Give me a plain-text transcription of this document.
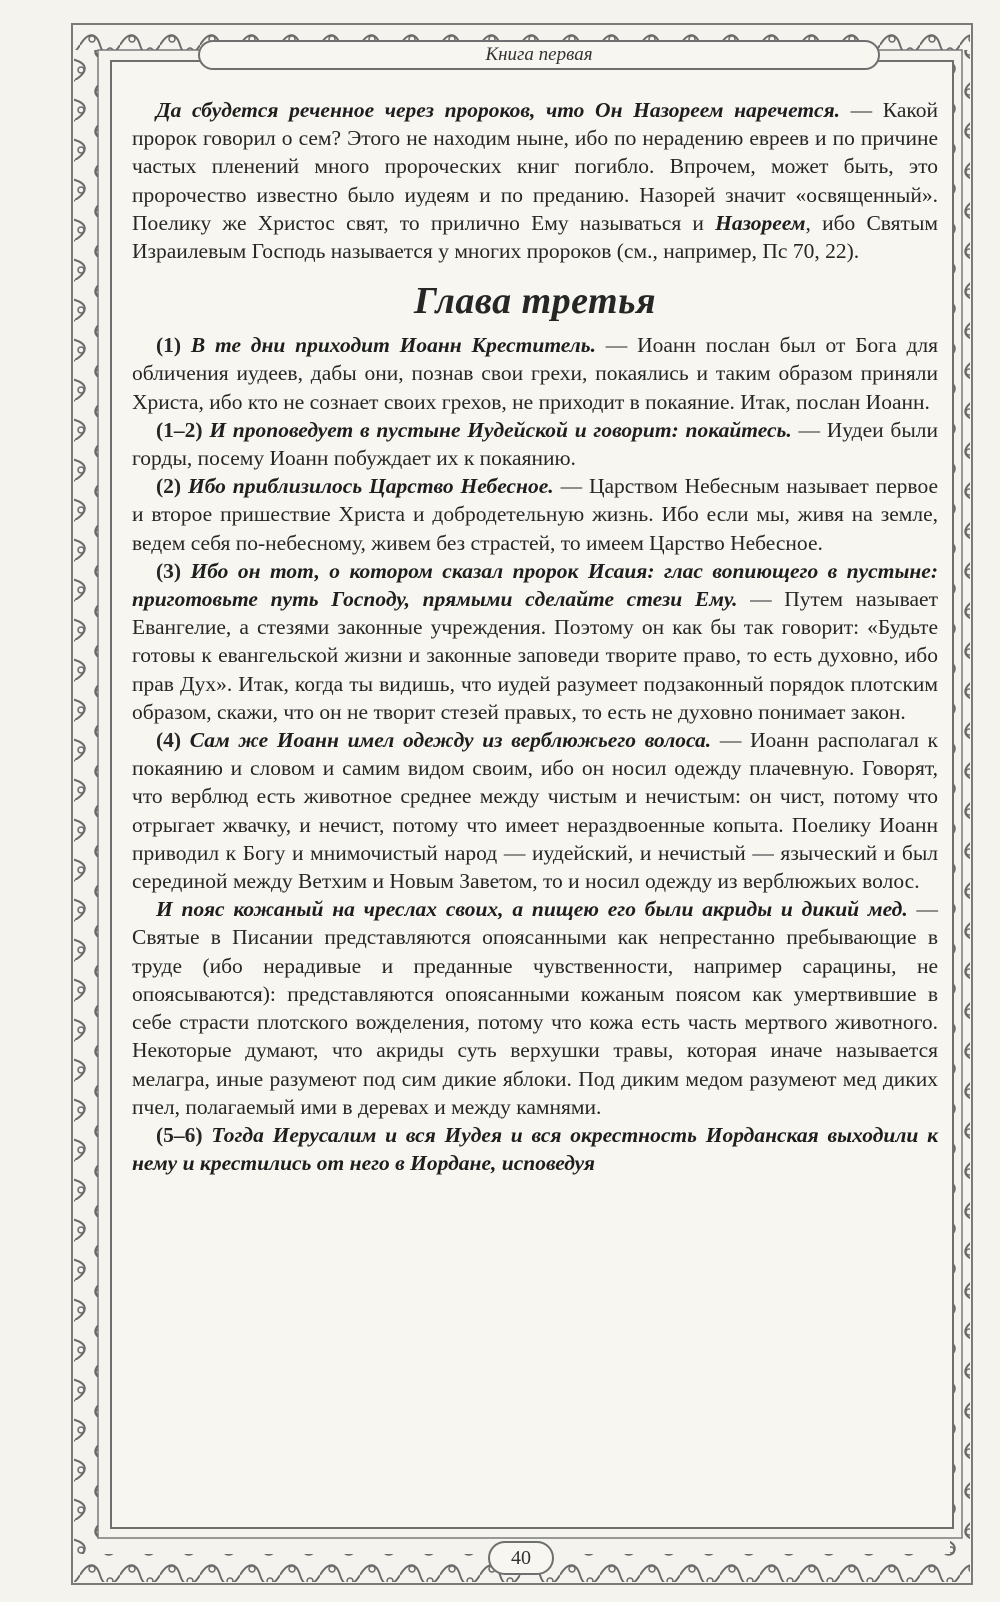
Книга первая

Да сбудется реченное через пророков, что Он Назореем наречется. — Какой пророк говорил о сем? Этого не находим ныне, ибо по нерадению евреев и по причине частых пленений много пророческих книг погибло. Впрочем, может быть, это пророчество известно было иудеям и по преданию. Назорей значит «освященный». Поелику же Христос свят, то прилично Ему называться и Назореем, ибо Святым Израилевым Господь называется у многих пророков (см., например, Пс 70, 22).

Глава третья

(1) В те дни приходит Иоанн Креститель. — Иоанн послан был от Бога для обличения иудеев, дабы они, познав свои грехи, покаялись и таким образом приняли Христа, ибо кто не сознает своих грехов, не приходит в покаяние. Итак, послан Иоанн.

(1–2) И проповедует в пустыне Иудейской и говорит: покайтесь. — Иудеи были горды, посему Иоанн побуждает их к покаянию.

(2) Ибо приблизилось Царство Небесное. — Царством Небесным называет первое и второе пришествие Христа и добродетельную жизнь. Ибо если мы, живя на земле, ведем себя по-небесному, живем без страстей, то имеем Царство Небесное.

(3) Ибо он тот, о котором сказал пророк Исаия: глас вопиющего в пустыне: приготовьте путь Господу, прямыми сделайте стези Ему. — Путем называет Евангелие, а стезями законные учреждения. Поэтому он как бы так говорит: «Будьте готовы к евангельской жизни и законные заповеди творите право, то есть духовно, ибо прав Дух». Итак, когда ты видишь, что иудей разумеет подзаконный порядок плотским образом, скажи, что он не творит стезей правых, то есть не духовно понимает закон.

(4) Сам же Иоанн имел одежду из верблюжьего волоса. — Иоанн располагал к покаянию и словом и самим видом своим, ибо он носил одежду плачевную. Говорят, что верблюд есть животное среднее между чистым и нечистым: он чист, потому что отрыгает жвачку, и нечист, потому что имеет нераздвоенные копыта. Поелику Иоанн приводил к Богу и мнимочистый народ — иудейский, и нечистый — языческий и был серединой между Ветхим и Новым Заветом, то и носил одежду из верблюжьих волос.

И пояс кожаный на чреслах своих, а пищею его были акриды и дикий мед. — Святые в Писании представляются опоясанными как непрестанно пребывающие в труде (ибо нерадивые и преданные чувственности, например сарацины, не опоясываются): представляются опоясанными кожаным поясом как умертвившие в себе страсти плотского вожделения, потому что кожа есть часть мертвого животного. Некоторые думают, что акриды суть верхушки травы, которая иначе называется мелагра, иные разумеют под сим дикие яблоки. Под диким медом разумеют мед диких пчел, полагаемый ими в деревах и между камнями.

(5–6) Тогда Иерусалим и вся Иудея и вся окрестность Иорданская выходили к нему и крестились от него в Иордане, исповедуя

40
